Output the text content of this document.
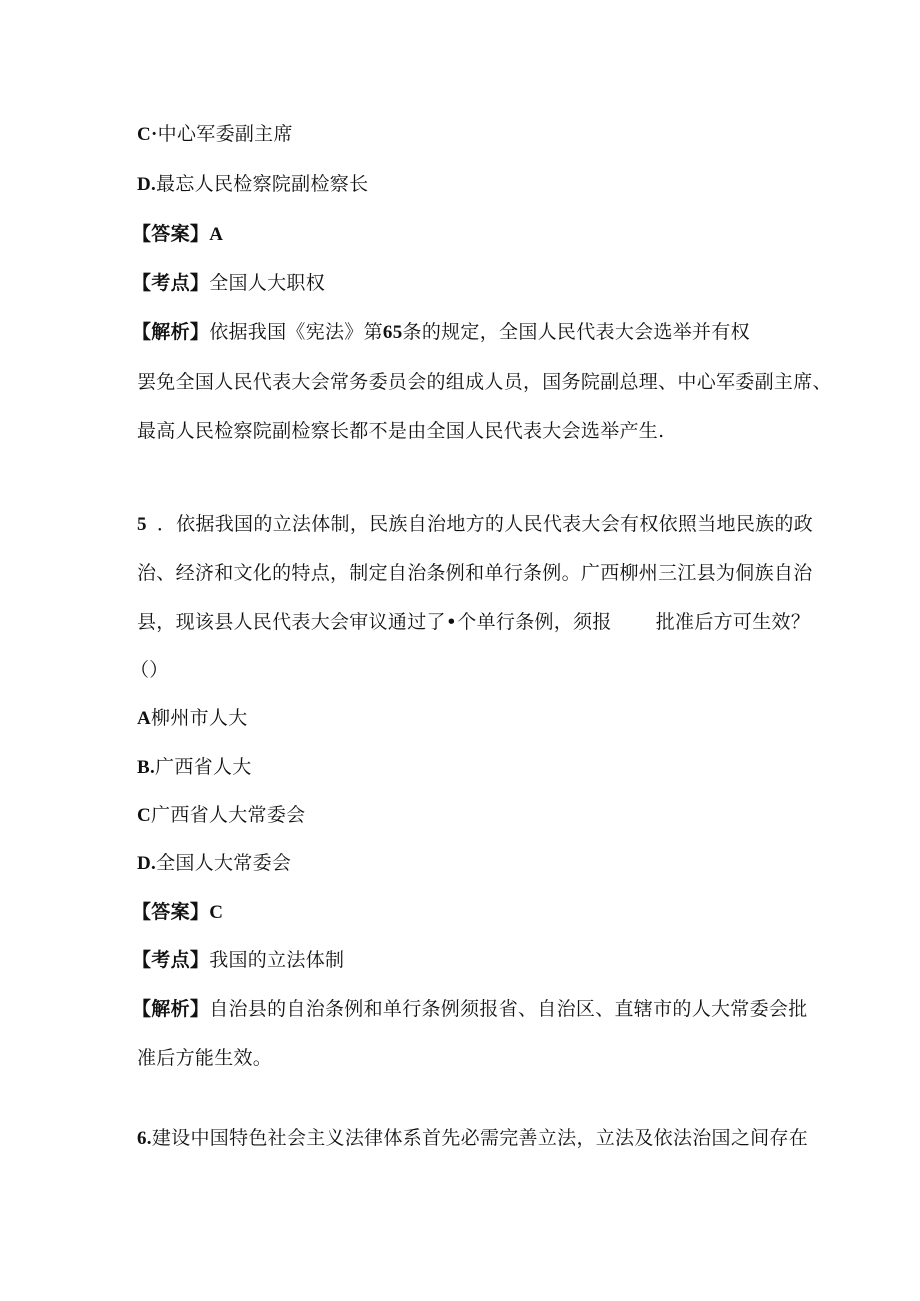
C·中心军委副主席
D.最忘人民检察院副检察长
【答案】A
【考点】全国人大职权
【解析】依据我国《宪法》第65条的规定，全国人民代表大会选举并有权
罢免全国人民代表大会常务委员会的组成人员，国务院副总理、中心军委副主席、
最高人民检察院副检察长都不是由全国人民代表大会选举产生.
5 ．依据我国的立法体制，民族自治地方的人民代表大会有权依照当地民族的政
治、经济和文化的特点，制定自治条例和单行条例。广西柳州三江县为侗族自治
县，现该县人民代表大会审议通过了•个单行条例，须报 批准后方可生效？
（）
A柳州市人大
B.广西省人大
C广西省人大常委会
D.全国人大常委会
【答案】C
【考点】我国的立法体制
【解析】自治县的自治条例和单行条例须报省、自治区、直辖市的人大常委会批
准后方能生效。
6.建设中国特色社会主义法律体系首先必需完善立法，立法及依法治国之间存在
